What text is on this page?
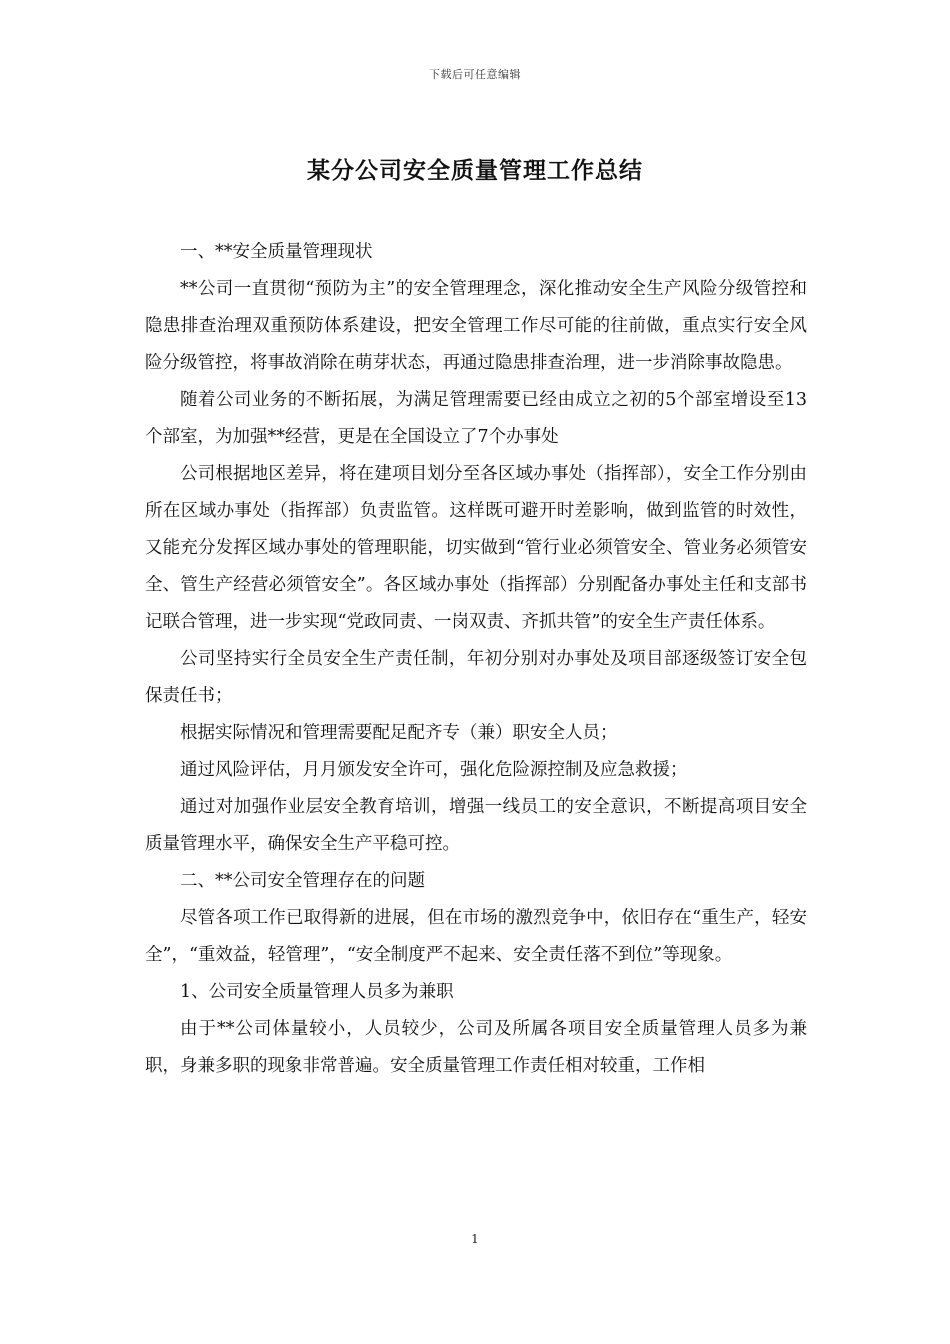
下载后可任意编辑
某分公司安全质量管理工作总结

一、**安全质量管理现状

**公司一直贯彻“预防为主”的安全管理理念，深化推动安全生产风险分级管控和隐患排查治理双重预防体系建设，把安全管理工作尽可能的往前做，重点实行安全风险分级管控，将事故消除在萌芽状态，再通过隐患排查治理，进一步消除事故隐患。

随着公司业务的不断拓展，为满足管理需要已经由成立之初的5个部室增设至13个部室，为加强**经营，更是在全国设立了7个办事处

公司根据地区差异，将在建项目划分至各区域办事处（指挥部），安全工作分别由所在区域办事处（指挥部）负责监管。这样既可避开时差影响，做到监管的时效性，又能充分发挥区域办事处的管理职能，切实做到“管行业必须管安全、管业务必须管安全、管生产经营必须管安全”。各区域办事处（指挥部）分别配备办事处主任和支部书记联合管理，进一步实现“党政同责、一岗双责、齐抓共管”的安全生产责任体系。

公司坚持实行全员安全生产责任制，年初分别对办事处及项目部逐级签订安全包保责任书；

根据实际情况和管理需要配足配齐专（兼）职安全人员；

通过风险评估，月月颁发安全许可，强化危险源控制及应急救援；

通过对加强作业层安全教育培训，增强一线员工的安全意识，不断提高项目安全质量管理水平，确保安全生产平稳可控。

二、**公司安全管理存在的问题

尽管各项工作已取得新的进展，但在市场的激烈竞争中，依旧存在“重生产，轻安全”，“重效益，轻管理”，“安全制度严不起来、安全责任落不到位”等现象。

1、公司安全质量管理人员多为兼职

由于**公司体量较小，人员较少，公司及所属各项目安全质量管理人员多为兼职，身兼多职的现象非常普遍。安全质量管理工作责任相对较重，工作相

1
